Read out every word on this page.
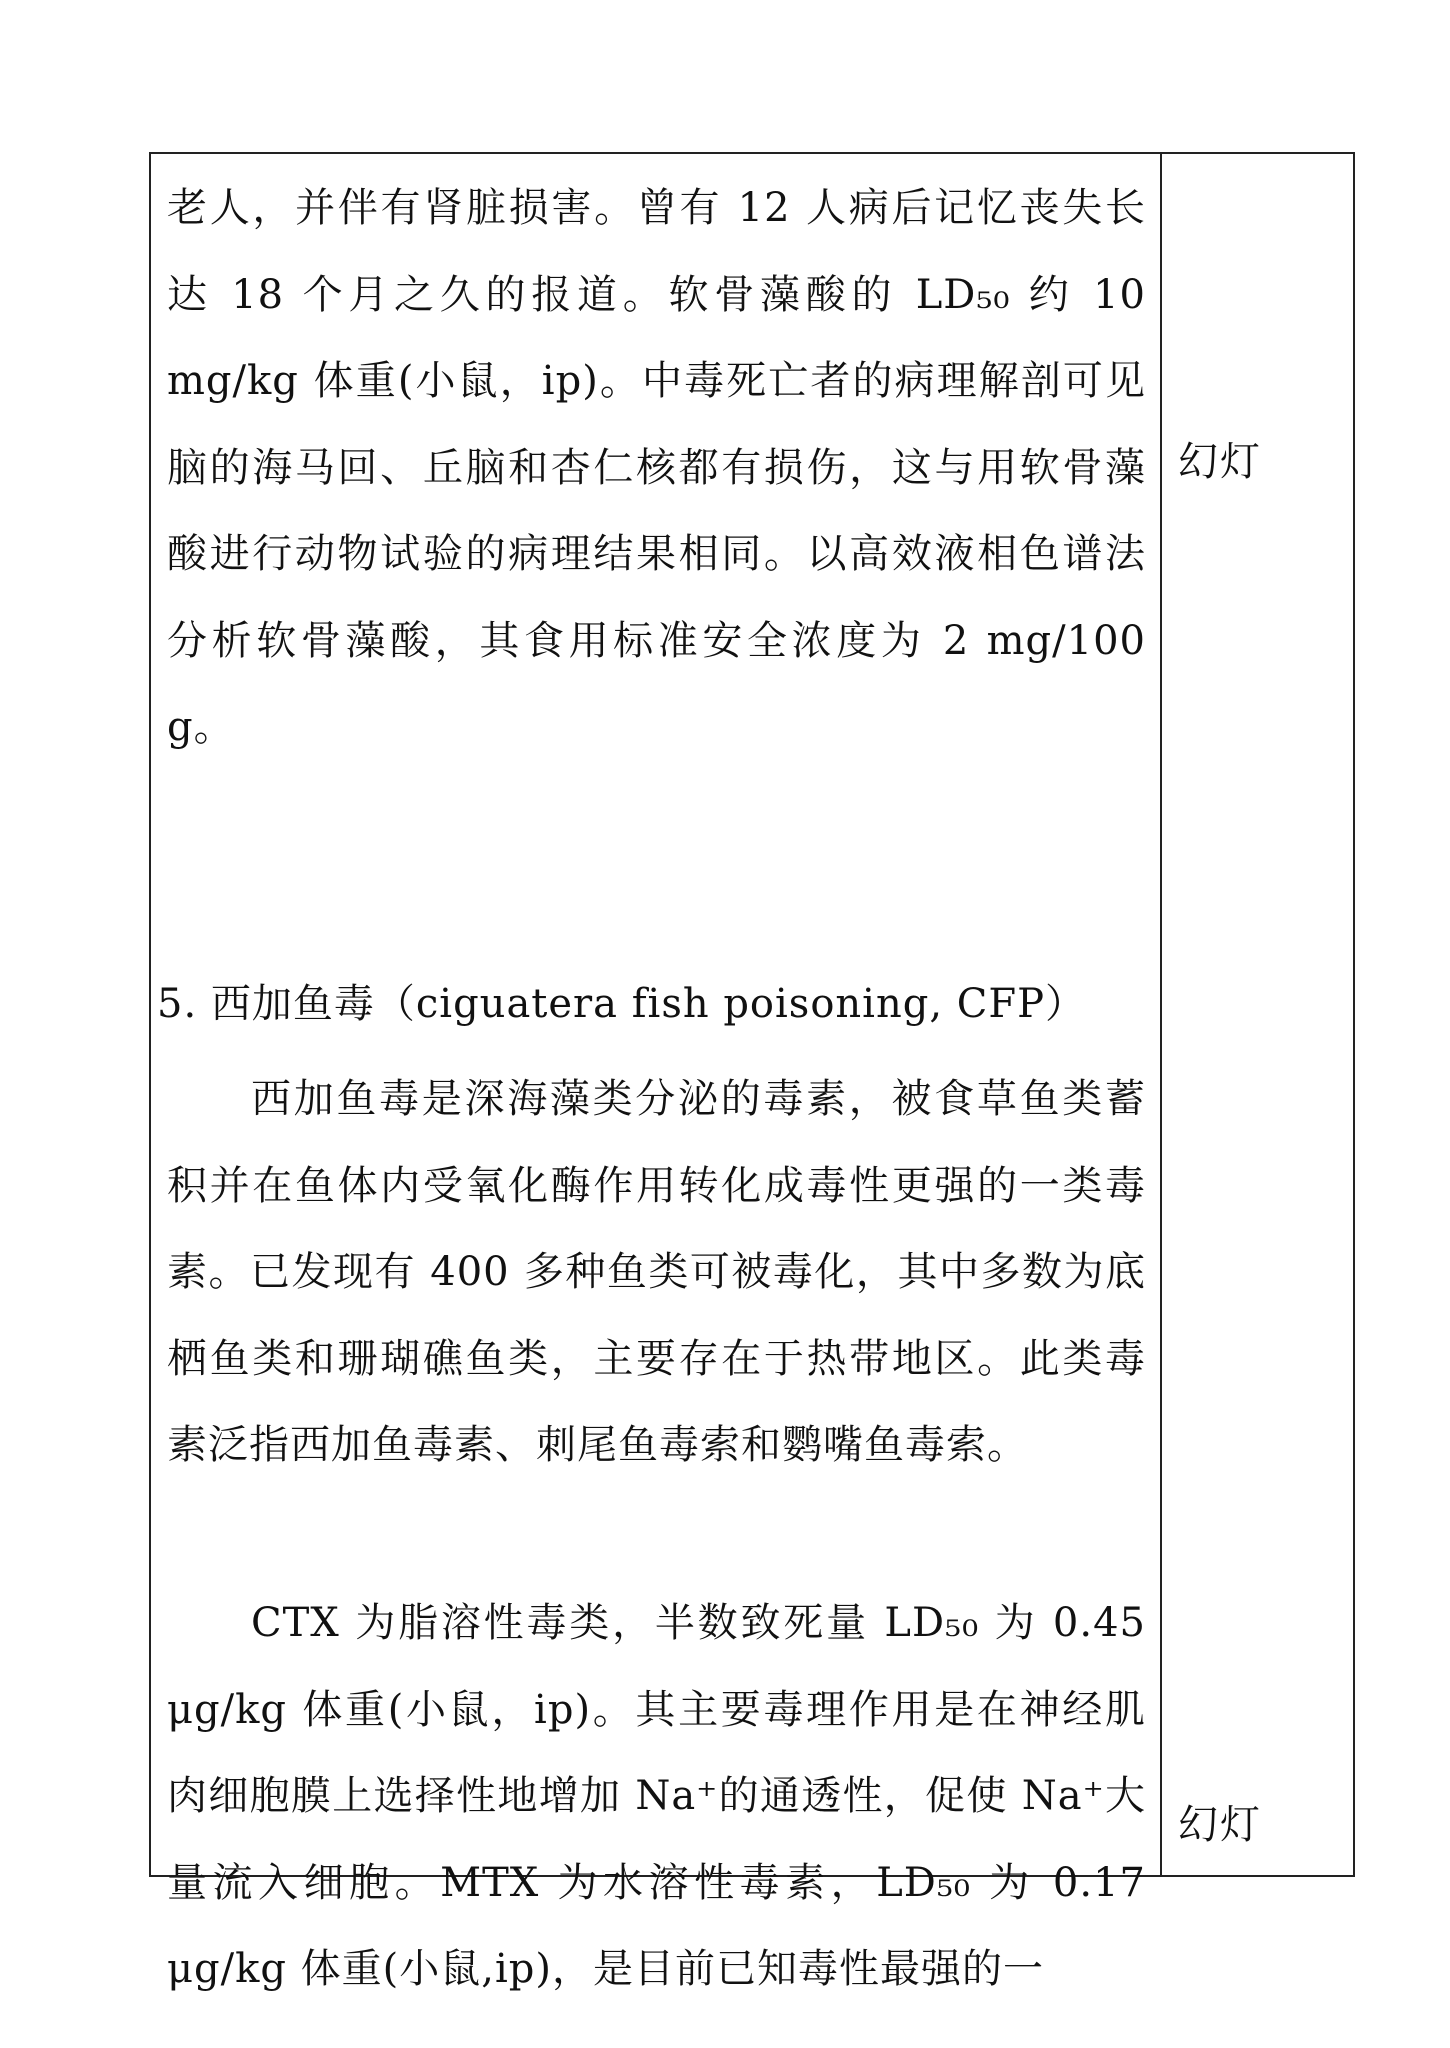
老人，并伴有肾脏损害。曾有 12 人病后记忆丧失长达 18 个月之久的报道。软骨藻酸的 LD₅₀ 约 10 mg/kg 体重(小鼠，ip)。中毒死亡者的病理解剖可见脑的海马回、丘脑和杏仁核都有损伤，这与用软骨藻酸进行动物试验的病理结果相同。以高效液相色谱法分析软骨藻酸，其食用标准安全浓度为 2 mg/100 g。

5. 西加鱼毒（ciguatera fish poisoning, CFP）

西加鱼毒是深海藻类分泌的毒素，被食草鱼类蓄积并在鱼体内受氧化酶作用转化成毒性更强的一类毒素。已发现有 400 多种鱼类可被毒化，其中多数为底栖鱼类和珊瑚礁鱼类，主要存在于热带地区。此类毒素泛指西加鱼毒素、刺尾鱼毒索和鹦嘴鱼毒索。

CTX 为脂溶性毒类，半数致死量 LD₅₀ 为 0.45 μg/kg 体重(小鼠，ip)。其主要毒理作用是在神经肌肉细胞膜上选择性地增加 Na⁺的通透性，促使 Na⁺大量流入细胞。MTX 为水溶性毒素，LD₅₀ 为 0.17 μg/kg 体重(小鼠,ip)，是目前已知毒性最强的一

幻灯
幻灯
